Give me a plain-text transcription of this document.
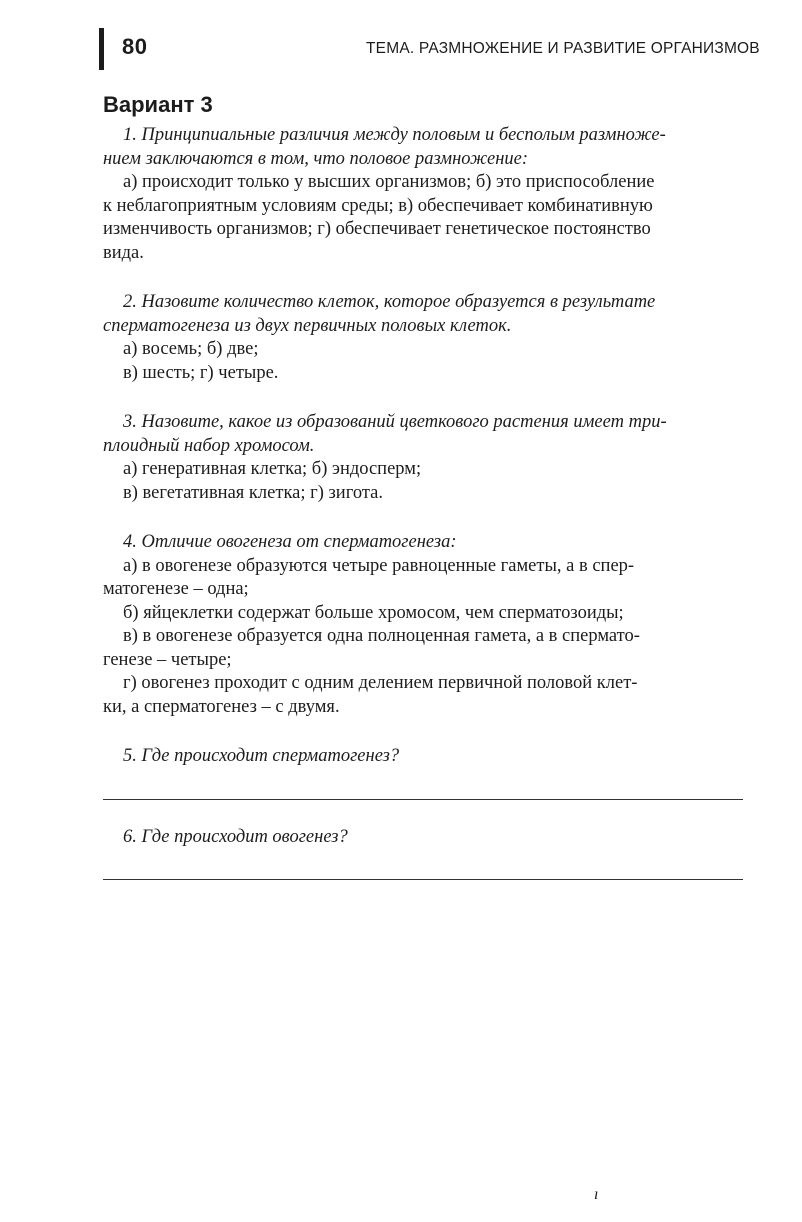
80	ТЕМА. РАЗМНОЖЕНИЕ И РАЗВИТИЕ ОРГАНИЗМОВ
Вариант 3
1. Принципиальные различия между половым и бесполым размноже-
нием заключаются в том, что половое размножение:
а) происходит только у высших организмов; б) это приспособление
к неблагоприятным условиям среды; в) обеспечивает комбинативную
изменчивость организмов; г) обеспечивает генетическое постоянство
вида.
2. Назовите количество клеток, которое образуется в результате
сперматогенеза из двух первичных половых клеток.
а) восемь; б) две;
в) шесть; г) четыре.
3. Назовите, какое из образований цветкового растения имеет три-
плоидный набор хромосом.
а) генеративная клетка; б) эндосперм;
в) вегетативная клетка; г) зигота.
4. Отличие овогенеза от сперматогенеза:
а) в овогенезе образуются четыре равноценные гаметы, а в спер-
матогенезе – одна;
б) яйцеклетки содержат больше хромосом, чем сперматозоиды;
в) в овогенезе образуется одна полноценная гамета, а в спермато-
генезе – четыре;
г) овогенез проходит с одним делением первичной половой клет-
ки, а сперматогенез – с двумя.
5. Где происходит сперматогенез?
6. Где происходит овогенез?
ı
